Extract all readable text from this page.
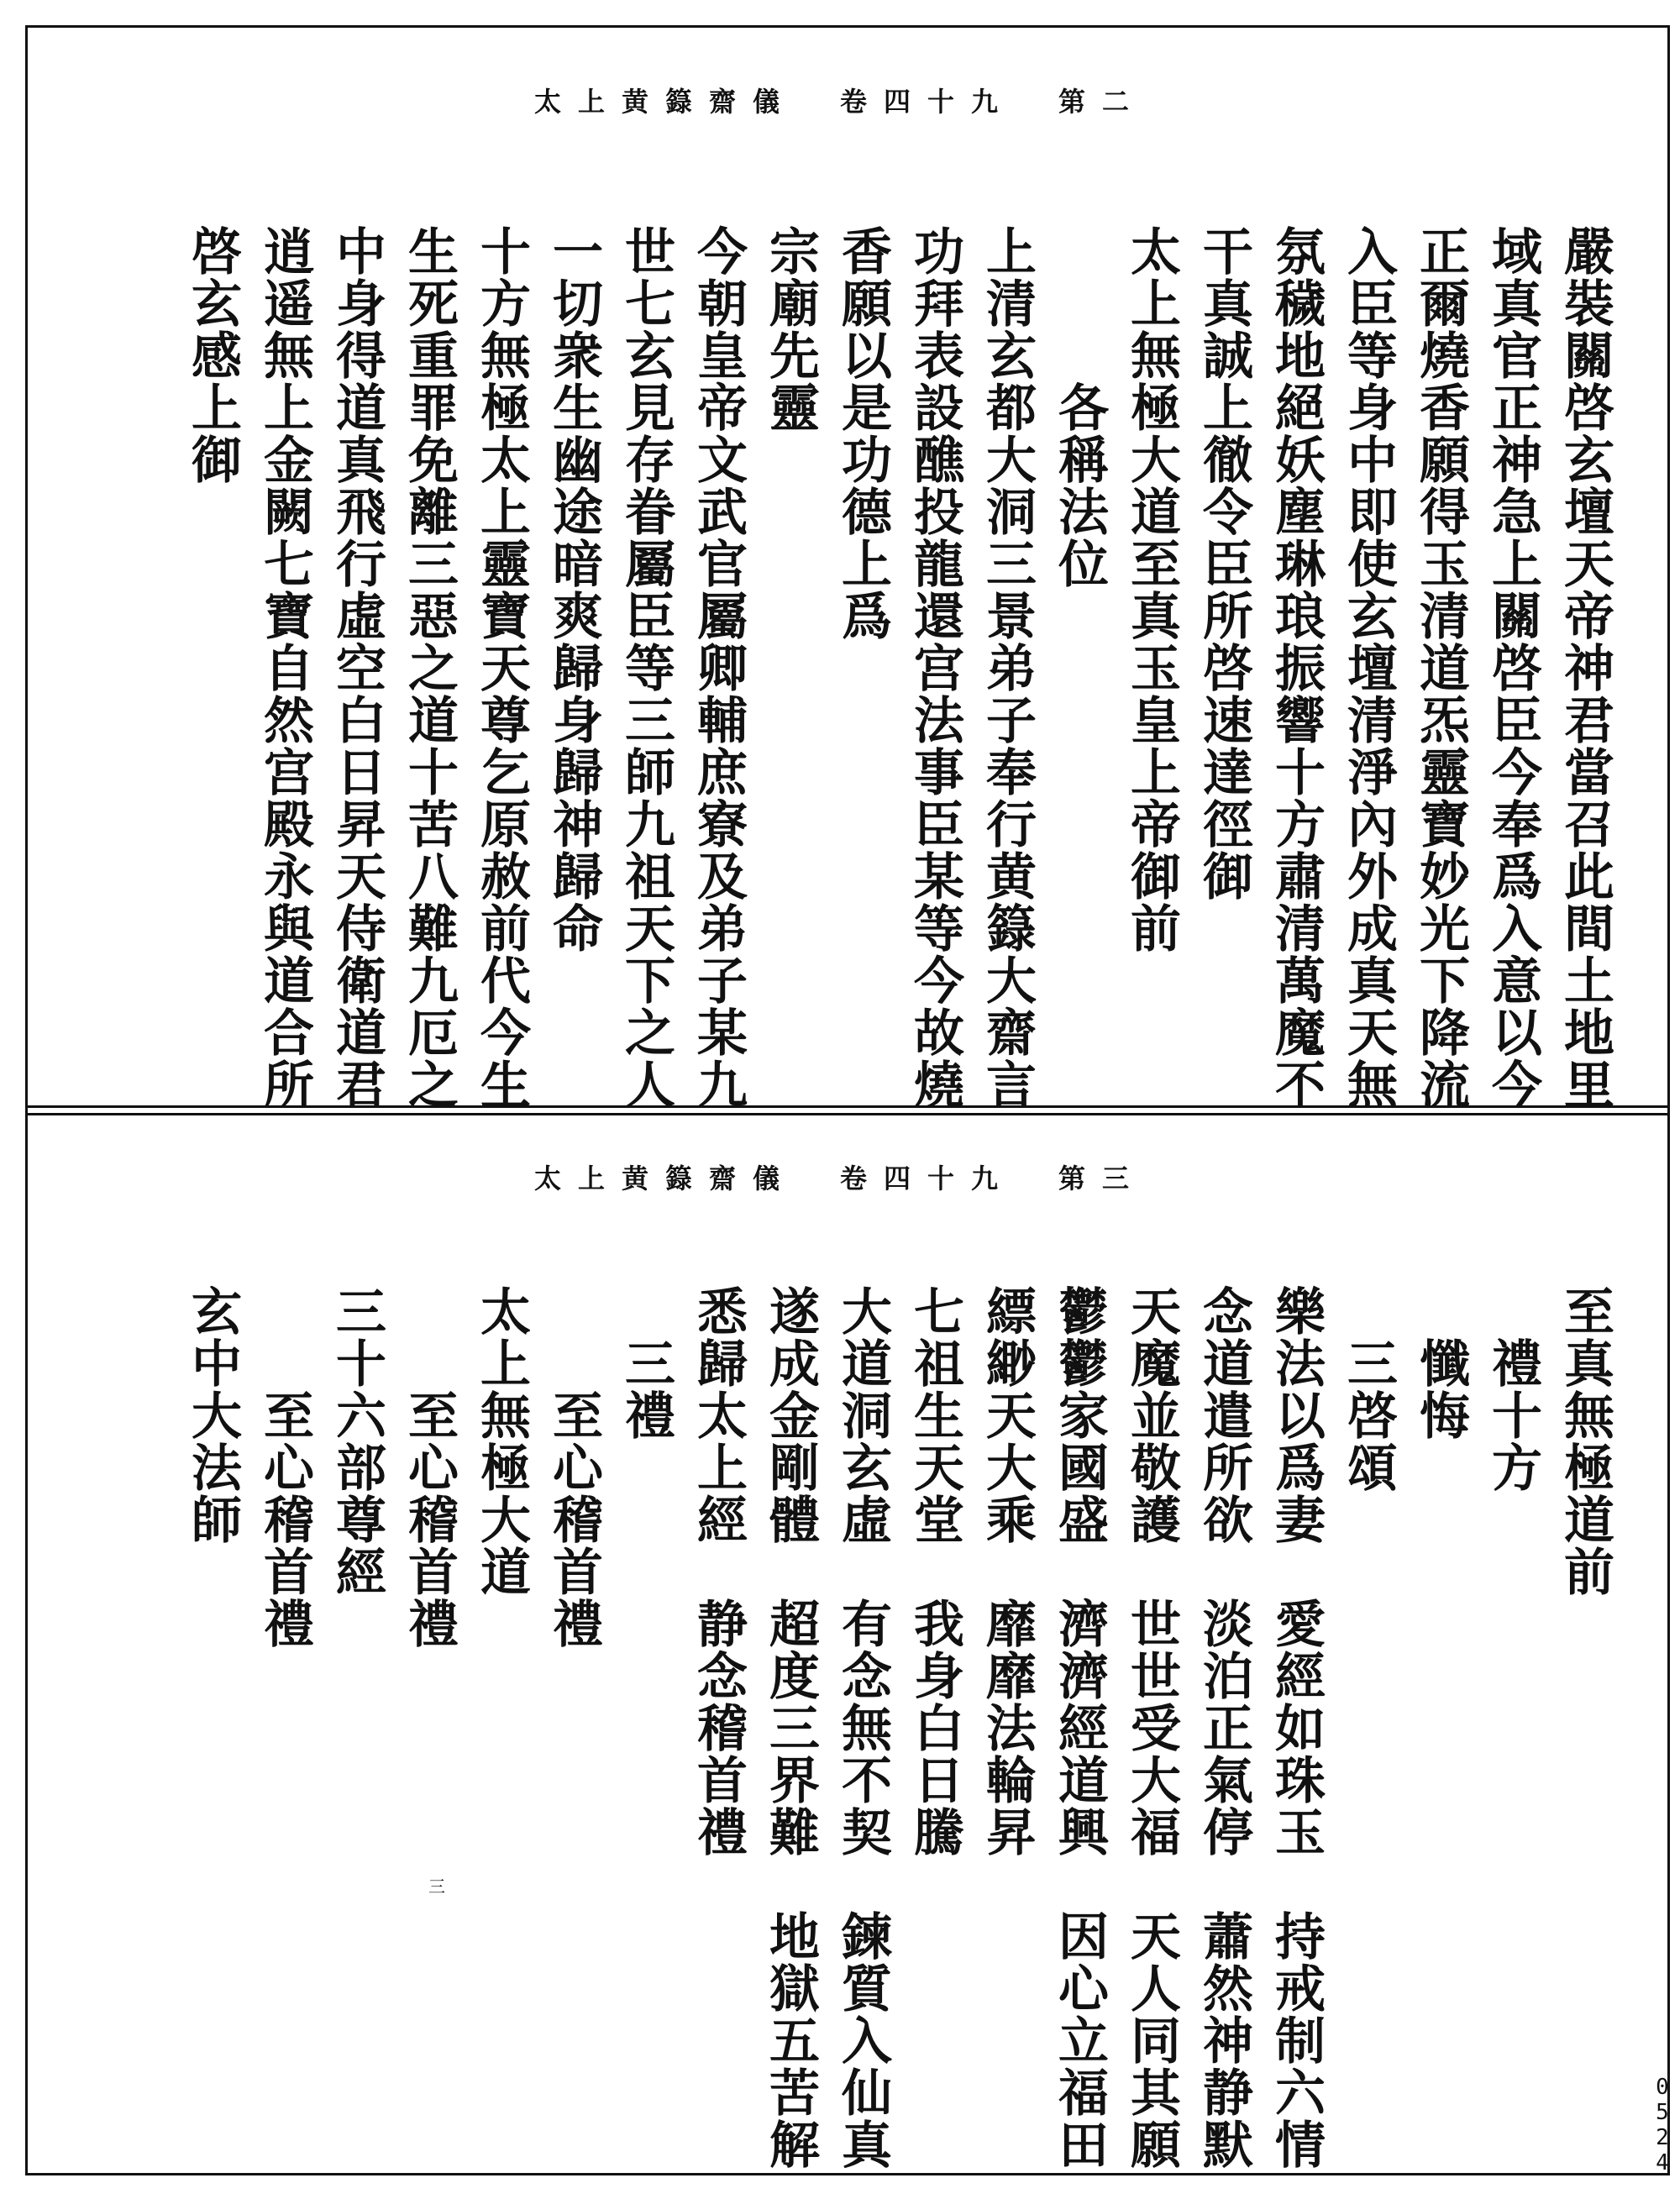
太上黄籙齋儀　卷四十九　第二
太上黄籙齋儀　卷四十九　第三
嚴裝關啓玄壇天帝神君當召此間土地里
域真官正神急上關啓臣今奉爲入意以今
正爾燒香願得玉清道炁靈寶妙光下降流
入臣等身中即使玄壇清淨內外成真天無
氛穢地絕妖塵琳琅振響十方肅清萬魔不
干真誠上徹令臣所啓速達徑御
太上無極大道至真玉皇上帝御前
　　　各稱法位
上清玄都大洞三景弟子奉行黄籙大齋言
功拜表設醮投龍還宫法事臣某等今故燒
香願以是功德上爲
宗廟先靈
今朝皇帝文武官屬卿輔庶寮及弟子某九
世七玄見存眷屬臣等三師九祖天下之人
一切衆生幽途暗爽歸身歸神歸命
十方無極太上靈寶天尊乞原赦前代今生
生死重罪免離三惡之道十苦八難九厄之
中身得道真飛行虛空白日昇天侍衛道君
逍遥無上金闕七寶自然宫殿永與道合所
啓玄感上御
至真無極道前
　禮十方
　懺悔
　三啓頌
樂法以爲妻　愛經如珠玉　持戒制六情
念道遣所欲　淡泊正氣停　蕭然神静默
天魔並敬護　世世受大福　天人同其願
鬱鬱家國盛　濟濟經道興　因心立福田
縹緲天大乘　靡靡法輪昇
七祖生天堂　我身白日騰
大道洞玄虛　有念無不契　鍊質入仙真
遂成金剛體　超度三界難　地獄五苦解
悉歸太上經　静念稽首禮
　三禮
　　至心稽首禮
太上無極大道
　　至心稽首禮
三十六部尊經
　　至心稽首禮
玄中大法師
三
0524
